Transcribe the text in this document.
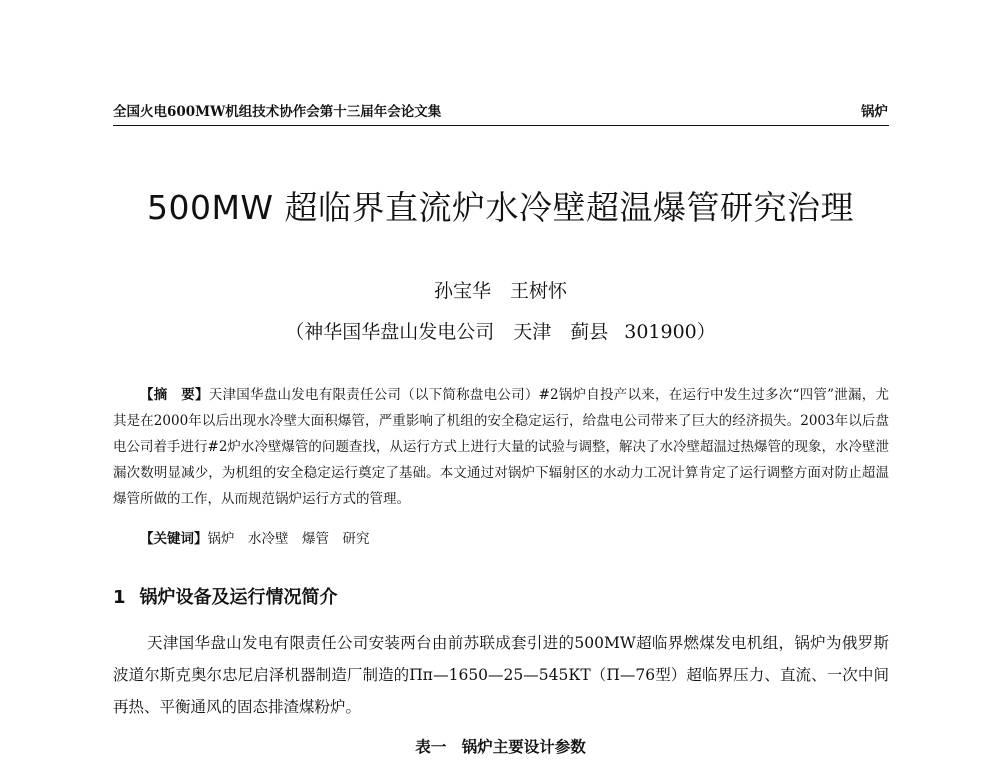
全国火电600MW机组技术协作会第十三届年会论文集	锅炉
500MW 超临界直流炉水冷壁超温爆管研究治理
孙宝华　王树怀
（神华国华盘山发电公司　天津　蓟县 301900）

【摘　要】天津国华盘山发电有限责任公司（以下简称盘电公司）#2锅炉自投产以来，在运行中发生过多次“四管”泄漏，尤其是在2000年以后出现水冷壁大面积爆管，严重影响了机组的安全稳定运行，给盘电公司带来了巨大的经济损失。2003年以后盘电公司着手进行#2炉水冷壁爆管的问题查找，从运行方式上进行大量的试验与调整，解决了水冷壁超温过热爆管的现象，水冷壁泄漏次数明显减少，为机组的安全稳定运行奠定了基础。本文通过对锅炉下辐射区的水动力工况计算肯定了运行调整方面对防止超温爆管所做的工作，从而规范锅炉运行方式的管理。

【关键词】锅炉　水冷壁　爆管　研究
1 锅炉设备及运行情况简介

天津国华盘山发电有限责任公司安装两台由前苏联成套引进的500MW超临界燃煤发电机组，锅炉为俄罗斯波道尔斯克奥尔忠尼启泽机器制造厂制造的Пп—1650—25—545КТ（П—76型）超临界压力、直流、一次中间再热、平衡通风的固态排渣煤粉炉。

表一　锅炉主要设计参数
